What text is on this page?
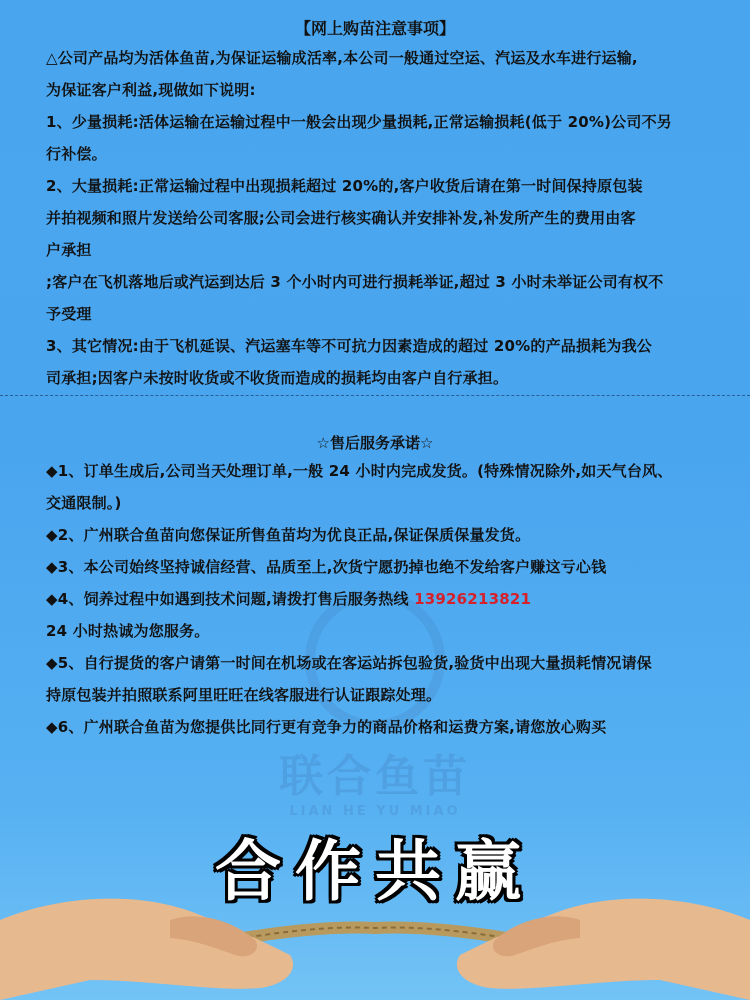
【网上购苗注意事项】
△公司产品均为活体鱼苗,为保证运输成活率,本公司一般通过空运、汽运及水车进行运输,
为保证客户利益,现做如下说明:
1、少量损耗:活体运输在运输过程中一般会出现少量损耗,正常运输损耗(低于 20%)公司不另
行补偿。
2、大量损耗:正常运输过程中出现损耗超过 20%的,客户收货后请在第一时间保持原包装
并拍视频和照片发送给公司客服;公司会进行核实确认并安排补发,补发所产生的费用由客
户承担
;客户在飞机落地后或汽运到达后 3 个小时内可进行损耗举证,超过 3 小时未举证公司有权不
予受理
3、其它情况:由于飞机延误、汽运塞车等不可抗力因素造成的超过 20%的产品损耗为我公
司承担;因客户未按时收货或不收货而造成的损耗均由客户自行承担。
联合鱼苗
LIAN HE YU MIAO
☆售后服务承诺☆
◆1、订单生成后,公司当天处理订单,一般 24 小时内完成发货。(特殊情况除外,如天气台风、
交通限制。)
◆2、广州联合鱼苗向您保证所售鱼苗均为优良正品,保证保质保量发货。
◆3、本公司始终坚持诚信经营、品质至上,次货宁愿扔掉也绝不发给客户赚这亏心钱
◆4、饲养过程中如遇到技术问题,请拨打售后服务热线 13926213821
24 小时热诚为您服务。
◆5、自行提货的客户请第一时间在机场或在客运站拆包验货,验货中出现大量损耗情况请保
持原包装并拍照联系阿里旺旺在线客服进行认证跟踪处理。
◆6、广州联合鱼苗为您提供比同行更有竞争力的商品价格和运费方案,请您放心购买
合作共赢
